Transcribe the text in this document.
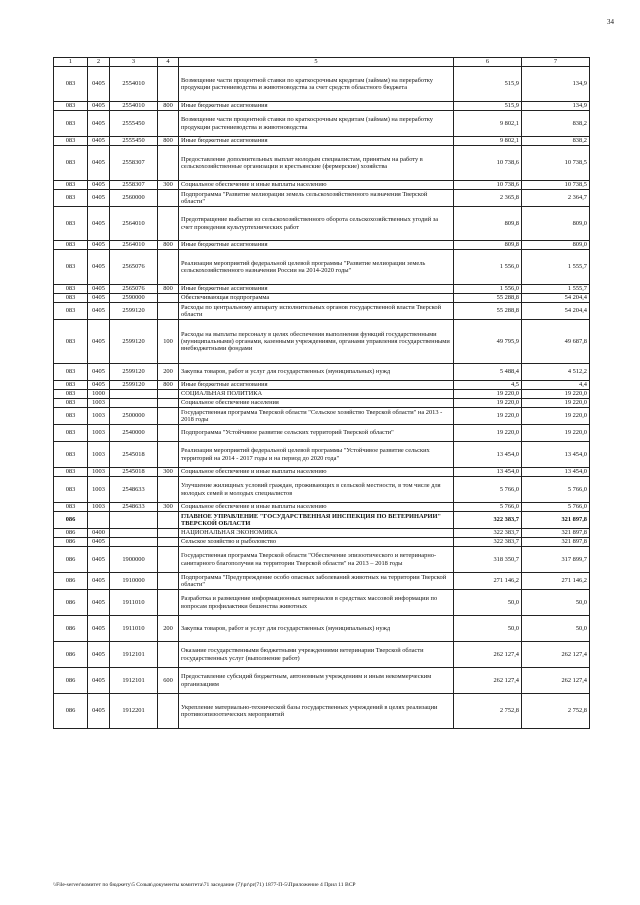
34
1	2	3	4	5	6	7
083	0405	2554010		Возмещение части процентной ставки по краткосрочным кредитам (займам) на переработку продукции растениеводства и животноводства за счет средств областного бюджета	515,9	134,9
083	0405	2554010	800	Иные бюджетные ассигнования	515,9	134,9
083	0405	2555450		Возмещение части процентной ставки по краткосрочным кредитам (займам) на переработку продукции растениеводства и животноводства	9 802,1	838,2
083	0405	2555450	800	Иные бюджетные ассигнования	9 802,1	838,2
083	0405	2558307		Предоставление дополнительных выплат молодым специалистам, принятым на работу в сельскохозяйственные организации и крестьянские (фермерские) хозяйства	10 738,6	10 738,5
083	0405	2558307	300	Социальное обеспечение и иные выплаты населению	10 738,6	10 738,5
083	0405	2560000		Подпрограмма "Развитие мелиорации земель сельскохозяйственного назначения Тверской области"	2 365,8	2 364,7
083	0405	2564010		Предотвращение выбытия из сельскохозяйственного оборота сельскохозяйственных угодий за счет проведения культуртехнических работ	809,8	809,0
083	0405	2564010	800	Иные бюджетные ассигнования	809,8	809,0
083	0405	2565076		Реализация мероприятий федеральной целевой программы "Развитие мелиорации земель сельскохозяйственного назначения России на 2014-2020 годы"	1 556,0	1 555,7
083	0405	2565076	800	Иные бюджетные ассигнования	1 556,0	1 555,7
083	0405	2590000		Обеспечивающая подпрограмма	55 288,8	54 204,4
083	0405	2599120		Расходы по центральному аппарату исполнительных органов государственной власти Тверской области	55 288,8	54 204,4
083	0405	2599120	100	Расходы на выплаты персоналу в целях обеспечения выполнения функций государственными (муниципальными) органами, казенными учреждениями, органами управления государственными внебюджетными фондами	49 795,9	49 687,8
083	0405	2599120	200	Закупка товаров, работ и услуг для государственных (муниципальных) нужд	5 488,4	4 512,2
083	0405	2599120	800	Иные бюджетные ассигнования	4,5	4,4
083	1000			СОЦИАЛЬНАЯ ПОЛИТИКА	19 220,0	19 220,0
083	1003			Социальное обеспечение населения	19 220,0	19 220,0
083	1003	2500000		Государственная программа Тверской области "Сельское хозяйство Тверской области" на 2013 - 2018 годы	19 220,0	19 220,0
083	1003	2540000		Подпрограмма "Устойчивое развитие сельских территорий Тверской области"	19 220,0	19 220,0
083	1003	2545018		Реализация мероприятий федеральной целевой программы "Устойчивое развитие сельских территорий на 2014 - 2017 годы и на период до 2020 года"	13 454,0	13 454,0
083	1003	2545018	300	Социальное обеспечение и иные выплаты населению	13 454,0	13 454,0
083	1003	2548633		Улучшение жилищных условий граждан, проживающих в сельской местности, в том числе для молодых семей и молодых специалистов	5 766,0	5 766,0
083	1003	2548633	300	Социальное обеспечение и иные выплаты населению	5 766,0	5 766,0
086				ГЛАВНОЕ УПРАВЛЕНИЕ "ГОСУДАРСТВЕННАЯ ИНСПЕКЦИЯ ПО ВЕТЕРИНАРИИ" ТВЕРСКОЙ ОБЛАСТИ	322 383,7	321 897,8
086	0400			НАЦИОНАЛЬНАЯ ЭКОНОМИКА	322 383,7	321 897,8
086	0405			Сельское хозяйство и рыболовство	322 383,7	321 897,8
086	0405	1900000		Государственная программа Тверской области "Обеспечение эпизоотического и ветеринарно-санитарного благополучия на территории Тверской области" на 2013 – 2018 годы	318 350,7	317 899,7
086	0405	1910000		Подпрограмма "Предупреждение особо опасных заболеваний животных на территории Тверской области"	271 146,2	271 146,2
086	0405	1911010		Разработка и размещение информационных материалов в средствах массовой информации по вопросам профилактики бешенства животных	50,0	50,0
086	0405	1911010	200	Закупка товаров, работ и услуг для государственных (муниципальных) нужд	50,0	50,0
086	0405	1912101		Оказание государственными бюджетными учреждениями ветеринарии Тверской области государственных услуг (выполнение работ)	262 127,4	262 127,4
086	0405	1912101	600	Предоставление субсидий бюджетным, автономным учреждениям и иным некоммерческим организациям	262 127,4	262 127,4
086	0405	1912201		Укрепление материально-технической базы государственных учреждений в целях реализации противоэпизоотических мероприятий	2 752,8	2 752,8
\\File-server\комитет по бюджету\5 Созыв\документы комитета\71 заседание (7)\pr\pr(71) 1877-П-5\Приложение 4 Прил 11 ВСР
